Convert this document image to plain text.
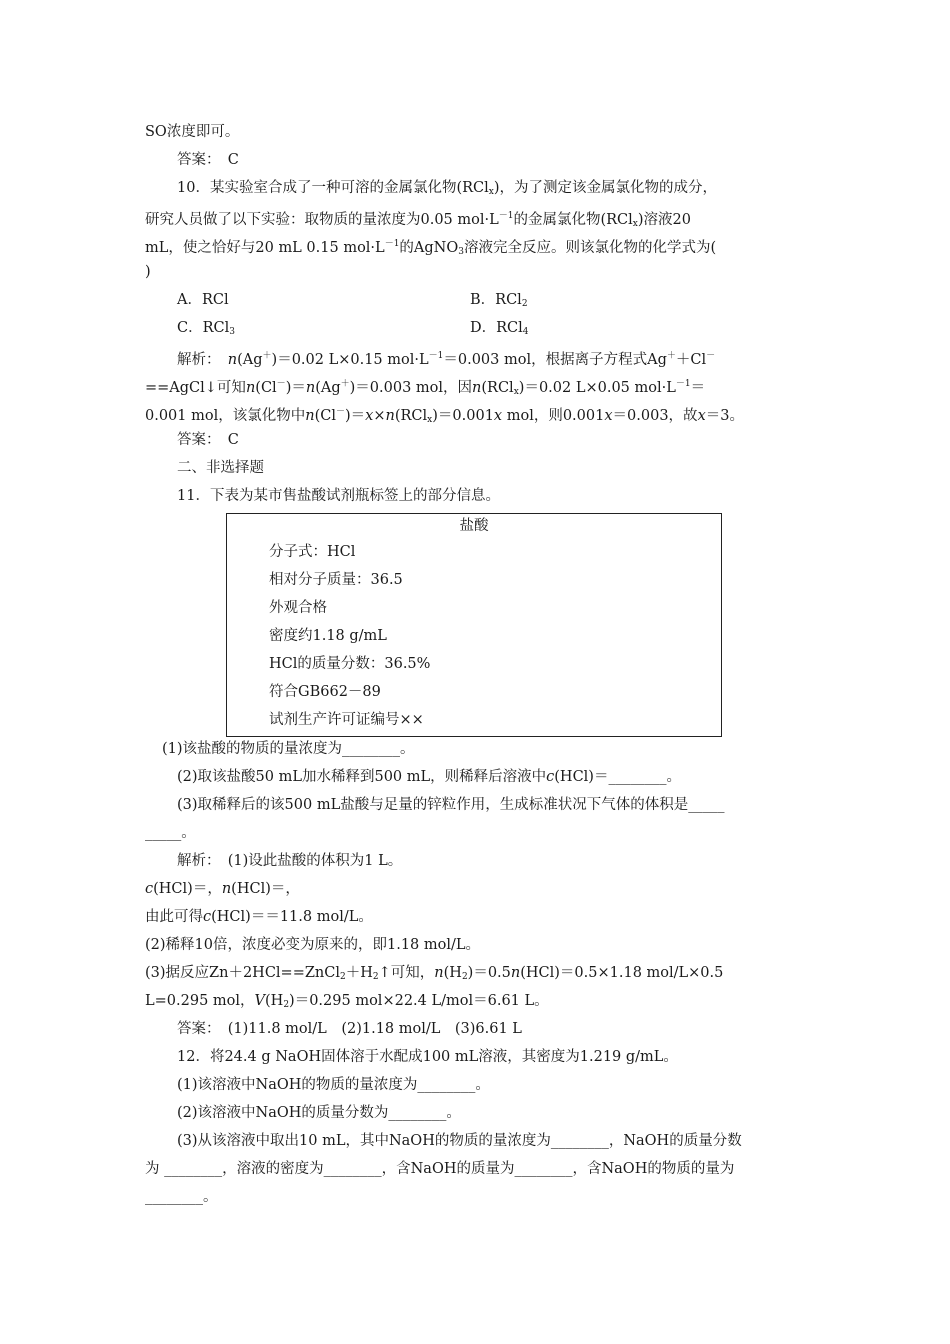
SO浓度即可。
答案：　C
10．某实验室合成了一种可溶的金属氯化物(RCl$_x$)，为了测定该金属氯化物的成分，
研究人员做了以下实验：取物质的量浓度为0.05 $mol\cdot L^{-1}$的金属氯化物(RCl$_x$)溶液20
mL，使之恰好与20 mL 0.15 $mol\cdot L^{-1}$的AgNO$_3$溶液完全反应。则该氯化物的化学式为(
)
A．RCl	B．RCl$_2$
C．RCl$_3$	D．RCl$_4$
解析：　n(Ag＋)＝0.02 L×0.15 $mol\cdot L^{-1}=0.003$ mol，根据离子方程式Ag＋＋Cl－
==AgCl↓可知n(Cl－)＝n(Ag＋)＝0.003 mol，因n(RCl$_x$)＝0.02 L×0.05 $mol\cdot L^{-1}=$
0.001 mol，该氯化物中n(Cl－)＝x×n(RCl$_x$)＝0.001x mol，则0.001x＝0.003，故x＝3。
答案：　C
二、非选择题
11．下表为某市售盐酸试剂瓶标签上的部分信息。
盐酸
分子式：HCl
相对分子质量：36.5
外观合格
密度约1.18 g/mL
HCl的质量分数：36.5%
符合GB662－89
试剂生产许可证编号××
(1)该盐酸的物质的量浓度为________。
(2)取该盐酸50 mL加水稀释到500 mL，则稀释后溶液中c(HCl)＝________。
(3)取稀释后的该500 mL盐酸与足量的锌粒作用，生成标准状况下气体的体积是_____
_____。
解析：　(1)设此盐酸的体积为1 L。
c(HCl)＝，n(HCl)＝，
由此可得c(HCl)＝＝11.8 mol/L。
(2)稀释10倍，浓度必变为原来的，即1.18 mol/L。
(3)据反应$Zn+2HCl==ZnCl_2+H_2↑$可知，$n(H_2)=0.5n(HCl)=0.5\times 1.18$ mol/L×0.5
L=0.295 mol，$V(H_2)=0.295$ mol×22.4 L/mol＝6.61 L。
答案：　(1)11.8 mol/L　(2)1.18 mol/L　(3)6.61 L
12．将24.4 g NaOH固体溶于水配成100 mL溶液，其密度为1.219 g/mL。
(1)该溶液中NaOH的物质的量浓度为________。
(2)该溶液中NaOH的质量分数为________。
(3)从该溶液中取出10 mL，其中NaOH的物质的量浓度为________，NaOH的质量分数
为 ________，溶液的密度为________，含NaOH的质量为________，含NaOH的物质的量为
________。
